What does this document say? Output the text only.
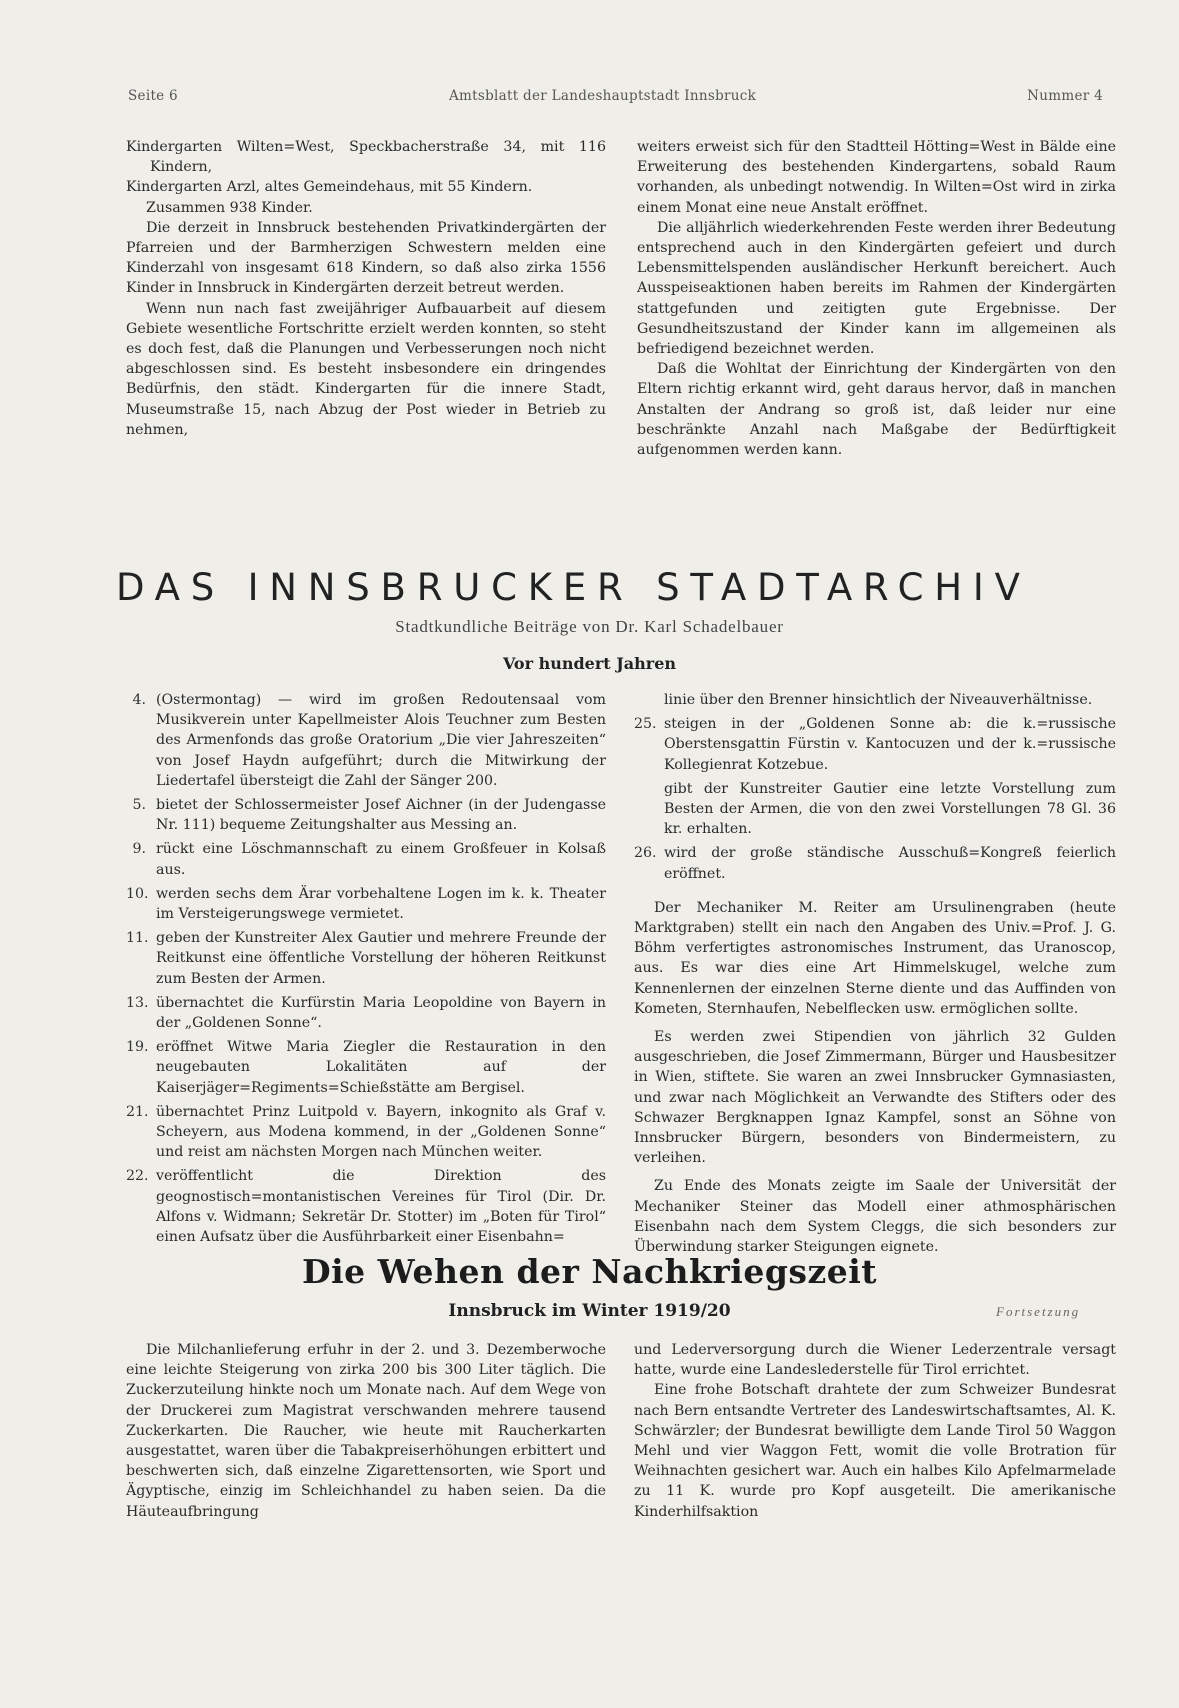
Seite 6	Amtsblatt der Landeshauptstadt Innsbruck	Nummer 4

Kindergarten Wilten=West, Speckbacherstraße 34, mit 116 Kindern,

Kindergarten Arzl, altes Gemeindehaus, mit 55 Kindern.

Zusammen 938 Kinder.

Die derzeit in Innsbruck bestehenden Privatkindergärten der Pfarreien und der Barmherzigen Schwestern melden eine Kinderzahl von insgesamt 618 Kindern, so daß also zirka 1556 Kinder in Innsbruck in Kindergärten derzeit betreut werden.

Wenn nun nach fast zweijähriger Aufbauarbeit auf diesem Gebiete wesentliche Fortschritte erzielt werden konnten, so steht es doch fest, daß die Planungen und Verbesserungen noch nicht abgeschlossen sind. Es besteht insbesondere ein dringendes Bedürfnis, den städt. Kindergarten für die innere Stadt, Museumstraße 15, nach Abzug der Post wieder in Betrieb zu nehmen,

weiters erweist sich für den Stadtteil Hötting=West in Bälde eine Erweiterung des bestehenden Kindergartens, sobald Raum vorhanden, als unbedingt notwendig. In Wilten=Ost wird in zirka einem Monat eine neue Anstalt eröffnet.

Die alljährlich wiederkehrenden Feste werden ihrer Bedeutung entsprechend auch in den Kindergärten gefeiert und durch Lebensmittelspenden ausländischer Herkunft bereichert. Auch Ausspeiseaktionen haben bereits im Rahmen der Kindergärten stattgefunden und zeitigten gute Ergebnisse. Der Gesundheitszustand der Kinder kann im allgemeinen als befriedigend bezeichnet werden.

Daß die Wohltat der Einrichtung der Kindergärten von den Eltern richtig erkannt wird, geht daraus hervor, daß in manchen Anstalten der Andrang so groß ist, daß leider nur eine beschränkte Anzahl nach Maßgabe der Bedürftigkeit aufgenommen werden kann.

DAS INNSBRUCKER STADTARCHIV
Stadtkundliche Beiträge von Dr. Karl Schadelbauer
Vor hundert Jahren
4. (Ostermontag) — wird im großen Redoutensaal vom Musikverein unter Kapellmeister Alois Teuchner zum Besten des Armenfonds das große Oratorium „Die vier Jahreszeiten“ von Josef Haydn aufgeführt; durch die Mitwirkung der Liedertafel übersteigt die Zahl der Sänger 200.
5. bietet der Schlossermeister Josef Aichner (in der Judengasse Nr. 111) bequeme Zeitungshalter aus Messing an.
9. rückt eine Löschmannschaft zu einem Großfeuer in Kolsaß aus.
10. werden sechs dem Ärar vorbehaltene Logen im k. k. Theater im Versteigerungswege vermietet.
11. geben der Kunstreiter Alex Gautier und mehrere Freunde der Reitkunst eine öffentliche Vorstellung der höheren Reitkunst zum Besten der Armen.
13. übernachtet die Kurfürstin Maria Leopoldine von Bayern in der „Goldenen Sonne“.
19. eröffnet Witwe Maria Ziegler die Restauration in den neugebauten Lokalitäten auf der Kaiserjäger=Regiments=Schießstätte am Bergisel.
21. übernachtet Prinz Luitpold v. Bayern, inkognito als Graf v. Scheyern, aus Modena kommend, in der „Goldenen Sonne“ und reist am nächsten Morgen nach München weiter.
22. veröffentlicht die Direktion des geognostisch=montanistischen Vereines für Tirol (Dir. Dr. Alfons v. Widmann; Sekretär Dr. Stotter) im „Boten für Tirol“ einen Aufsatz über die Ausführbarkeit einer Eisenbahn=
linie über den Brenner hinsichtlich der Niveauverhältnisse.
25. steigen in der „Goldenen Sonne ab: die k.=russische Oberstensgattin Fürstin v. Kantocuzen und der k.=russische Kollegienrat Kotzebue.
gibt der Kunstreiter Gautier eine letzte Vorstellung zum Besten der Armen, die von den zwei Vorstellungen 78 Gl. 36 kr. erhalten.
26. wird der große ständische Ausschuß=Kongreß feierlich eröffnet.

Der Mechaniker M. Reiter am Ursulinengraben (heute Marktgraben) stellt ein nach den Angaben des Univ.=Prof. J. G. Böhm verfertigtes astronomisches Instrument, das Uranoscop, aus. Es war dies eine Art Himmelskugel, welche zum Kennenlernen der einzelnen Sterne diente und das Auffinden von Kometen, Sternhaufen, Nebelflecken usw. ermöglichen sollte.

Es werden zwei Stipendien von jährlich 32 Gulden ausgeschrieben, die Josef Zimmermann, Bürger und Hausbesitzer in Wien, stiftete. Sie waren an zwei Innsbrucker Gymnasiasten, und zwar nach Möglichkeit an Verwandte des Stifters oder des Schwazer Bergknappen Ignaz Kampfel, sonst an Söhne von Innsbrucker Bürgern, besonders von Bindermeistern, zu verleihen.

Zu Ende des Monats zeigte im Saale der Universität der Mechaniker Steiner das Modell einer athmosphärischen Eisenbahn nach dem System Cleggs, die sich besonders zur Überwindung starker Steigungen eignete.

Die Wehen der Nachkriegszeit
Innsbruck im Winter 1919/20	Fortsetzung

Die Milchanlieferung erfuhr in der 2. und 3. Dezemberwoche eine leichte Steigerung von zirka 200 bis 300 Liter täglich. Die Zuckerzuteilung hinkte noch um Monate nach. Auf dem Wege von der Druckerei zum Magistrat verschwanden mehrere tausend Zuckerkarten. Die Raucher, wie heute mit Raucherkarten ausgestattet, waren über die Tabakpreiserhöhungen erbittert und beschwerten sich, daß einzelne Zigarettensorten, wie Sport und Ägyptische, einzig im Schleichhandel zu haben seien. Da die Häuteaufbringung

und Lederversorgung durch die Wiener Lederzentrale versagt hatte, wurde eine Landeslederstelle für Tirol errichtet.

Eine frohe Botschaft drahtete der zum Schweizer Bundesrat nach Bern entsandte Vertreter des Landeswirtschaftsamtes, Al. K. Schwärzler; der Bundesrat bewilligte dem Lande Tirol 50 Waggon Mehl und vier Waggon Fett, womit die volle Brotration für Weihnachten gesichert war. Auch ein halbes Kilo Apfelmarmelade zu 11 K. wurde pro Kopf ausgeteilt. Die amerikanische Kinderhilfsaktion
